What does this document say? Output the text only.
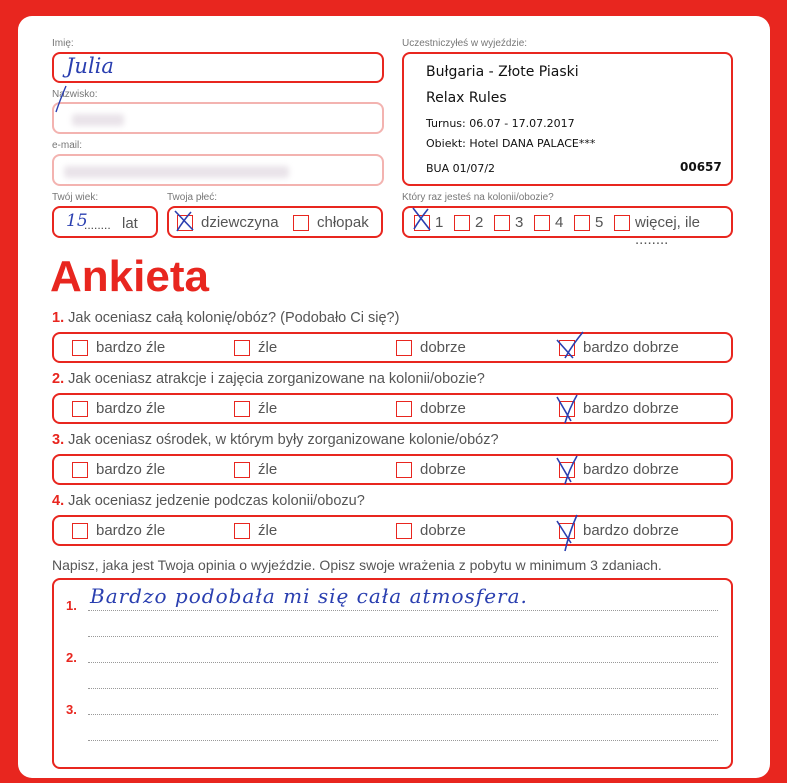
Imię:
Julia
Nazwisko:
e-mail:
Twój wiek:
15
........ lat
Twoja płeć:
dziewczyna	chłopak
Uczestniczyłeś w wyjeździe:
Bułgaria - Złote Piaski
Relax Rules
Turnus: 06.07 - 17.07.2017
Obiekt: Hotel DANA PALACE***
BUA 01/07/2	00657
Który raz jesteś na kolonii/obozie?
1 2 3 4 5 więcej, ile ........
Ankieta
1. Jak oceniasz całą kolonię/obóz? (Podobało Ci się?)
bardzo źle	źle	dobrze	bardzo dobrze
2. Jak oceniasz atrakcje i zajęcia zorganizowane na kolonii/obozie?
bardzo źle	źle	dobrze	bardzo dobrze
3. Jak oceniasz ośrodek, w którym były zorganizowane kolonie/obóz?
bardzo źle	źle	dobrze	bardzo dobrze
4. Jak oceniasz jedzenie podczas kolonii/obozu?
bardzo źle	źle	dobrze	bardzo dobrze
Napisz, jaka jest Twoja opinia o wyjeździe. Opisz swoje wrażenia z pobytu w minimum 3 zdaniach.
1.
2.
3.
Bardzo podobała mi się cała atmosfera.
